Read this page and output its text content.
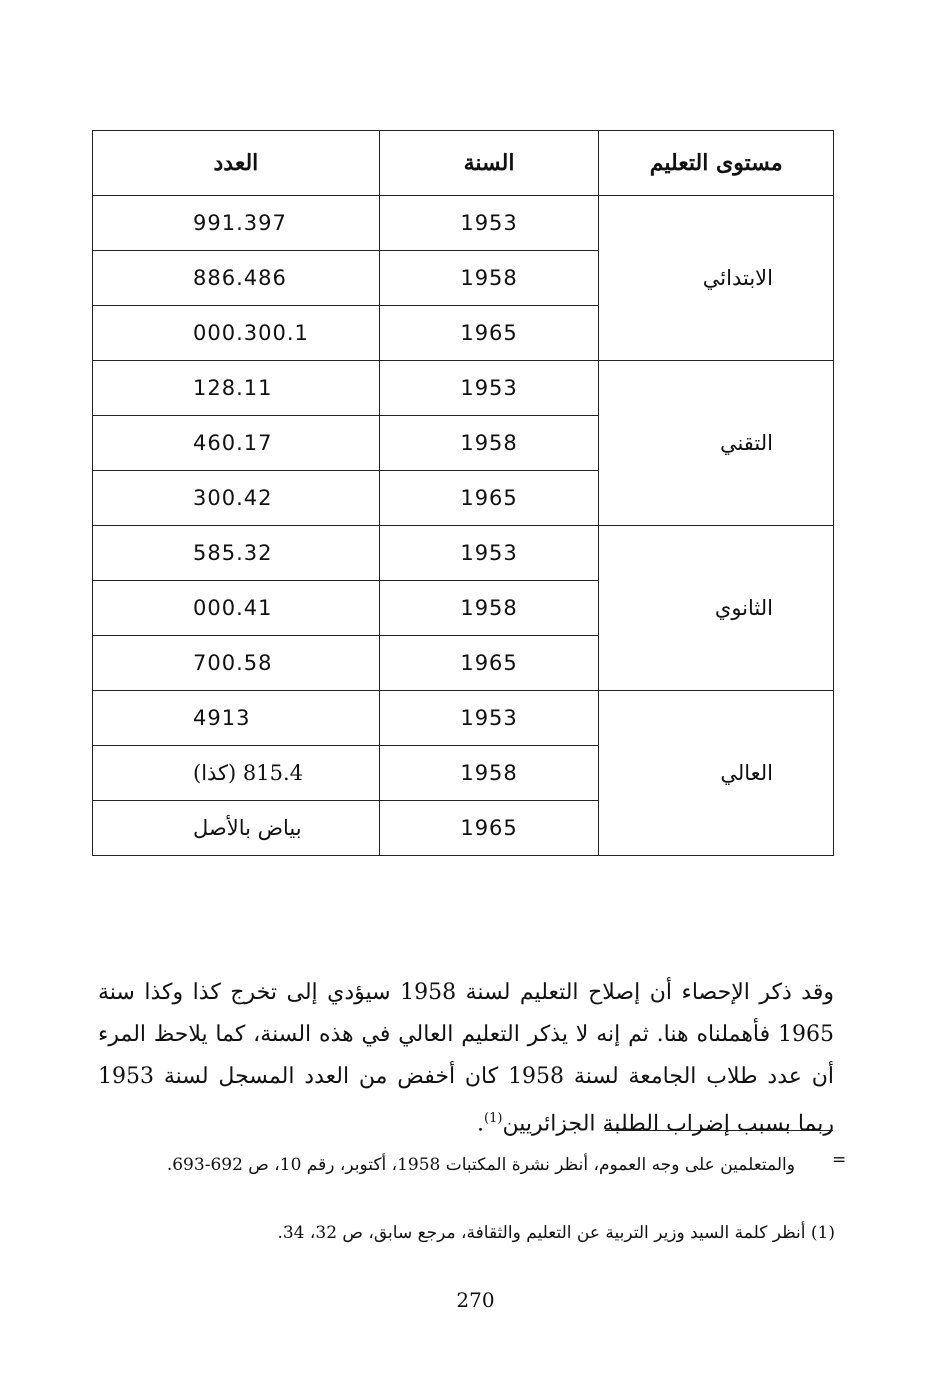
مستوى التعليم	السنة	العدد
الابتدائي	1953	991.397
	1958	886.486
	1965	000.300.1
التقني	1953	128.11
	1958	460.17
	1965	300.42
الثانوي	1953	585.32
	1958	000.41
	1965	700.58
العالي	1953	4913
	1958	815.4 (كذا)
	1965	بياض بالأصل

وقد ذكر الإحصاء أن إصلاح التعليم لسنة 1958 سيؤدي إلى تخرج كذا وكذا سنة 1965 فأهملناه هنا. ثم إنه لا يذكر التعليم العالي في هذه السنة، كما يلاحظ المرء أن عدد طلاب الجامعة لسنة 1958 كان أخفض من العدد المسجل لسنة 1953 ربما بسبب إضراب الطلبة الجزائريين$^{(1)}$.

=
والمتعلمين على وجه العموم، أنظر نشرة المكتبات 1958، أكتوبر، رقم 10، ص 692-693.
(1) أنظر كلمة السيد وزير التربية عن التعليم والثقافة، مرجع سابق، ص 32، 34.
270
